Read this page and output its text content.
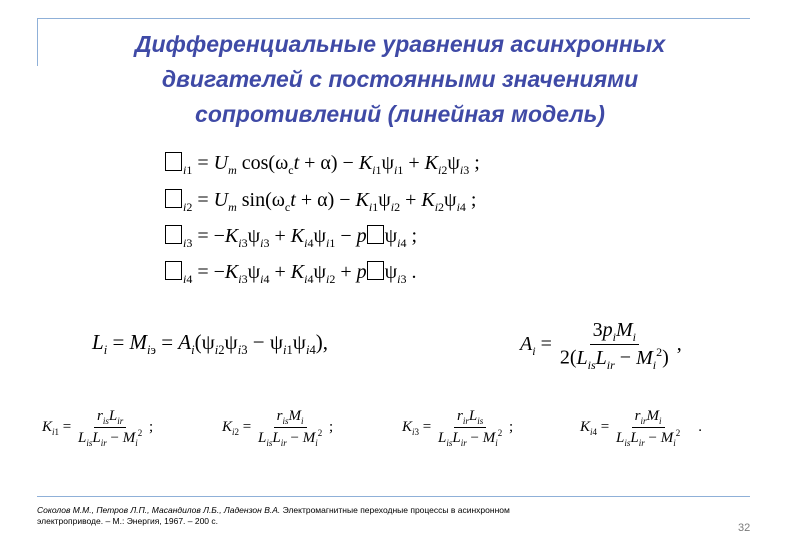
Дифференциальные уравнения асинхронных
двигателей с постоянными значениями
сопротивлений (линейная модель)
$_{i1} = U_m$ $\cos(\omega_ct + \alpha) - K_{i1}\psi_{i1} + K_{i2}\psi_{i3}$ ;
$_{i2} = U_m$ $\sin(\omega_ct + \alpha) - K_{i1}\psi_{i2} + K_{i2}\psi_{i4}$ ;
$_{i3} = -K_{i3}\psi_{i3} + K_{i4}\psi_{i1} - p$ $\psi_{i4}$ ;
$_{i4} = -K_{i3}\psi_{i4} + K_{i4}\psi_{i2} + p$ $\psi_{i3}$ .
$L_i = M_{iэ} = A_i(\psi_{i2}\psi_{i3} - \psi_{i1}\psi_{i4})$,	$A_i = \frac{3p_iM_i}{2(L_{is}L_{ir} - M_i^2)}$ ,
$K_{i1} = \frac{r_{is}L_{ir}}{L_{is}L_{ir} - M_i^2}$ ;	$K_{i2} = \frac{r_{is}M_i}{L_{is}L_{ir} - M_i^2}$ ;	$K_{i3} = \frac{r_{ir}L_{is}}{L_{is}L_{ir} - M_i^2}$ ;	$K_{i4} = \frac{r_{ir}M_i}{L_{is}L_{ir} - M_i^2}$ .
Соколов М.М., Петров Л.П., Масандилов Л.Б., Ладензон В.А. Электромагнитные переходные процессы в асинхронном
электроприводе. – М.: Энергия, 1967. – 200 с.
32
